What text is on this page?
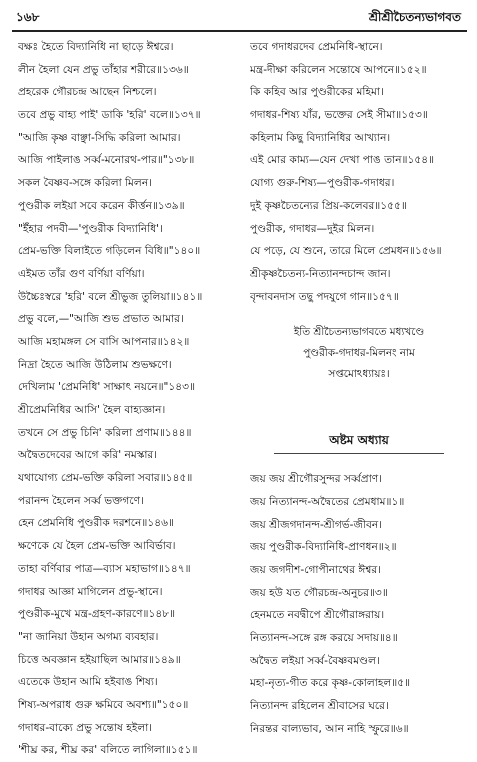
১৬৮	শ্রীশ্রীচৈতন্যভাগবত
বক্ষঃ হৈতে বিদ্যানিধি না ছাড়ে ঈশ্বরে।
লীন হৈলা যেন প্রভু তাঁহার শরীরে॥১৩৬॥
প্রহরেক গৌরচন্দ্র আছেন নিশ্চলে।
তবে প্রভু বাহ্য পাই' ডাকি 'হরি' বলে॥১৩৭॥
"আজি কৃষ্ণ বাঞ্ছা-সিদ্ধি করিলা আমার।
আজি পাইলাঙ সর্ব্ব-মনোরথ-পার॥"১৩৮॥
সকল বৈষ্ণব-সঙ্গে করিলা মিলন।
পুণ্ডরীক লইয়া সবে করেন কীর্ত্তন॥১৩৯॥
"ইঁহার পদবী—'পুণ্ডরীক বিদ্যানিধি'।
প্রেম-ভক্তি বিলাইতে গড়িলেন বিধি॥"১৪০॥
এইমত তাঁর গুণ বর্ণিয়া বর্ণিয়া।
উচ্চৈঃস্বরে 'হরি' বলে শ্রীভুজ তুলিয়া॥১৪১॥
প্রভু বলে,—"আজি শুভ প্রভাত আমার।
আজি মহামঙ্গল সে বাসি আপনার॥১৪২॥
নিদ্রা হৈতে আজি উঠিলাম শুভক্ষণে।
দেখিলাম 'প্রেমনিধি' সাক্ষাৎ নয়নে॥"১৪৩॥
শ্রীপ্রেমনিধির আসি' হৈল বাহ্যজ্ঞান।
তখনে সে প্রভু চিনি' করিলা প্রণাম॥১৪৪॥
অদ্বৈতদেবের আগে করি' নমস্কার।
যথাযোগ্য প্রেম-ভক্তি করিলা সবার॥১৪৫॥
পরানন্দ হৈলেন সর্ব্ব ভক্তগণে।
হেন প্রেমনিধি পুণ্ডরীক দরশনে॥১৪৬॥
ক্ষণেকে যে হৈল প্রেম-ভক্তি আবির্ভাব।
তাহা বর্ণিবার পাত্র—ব্যাস মহাভাগ॥১৪৭॥
গদাধর আজ্ঞা মাগিলেন প্রভু-স্থানে।
পুণ্ডরীক-মুখে মন্ত্র-গ্রহণ-কারণে॥১৪৮॥
"না জানিয়া উহান অগম্য ব্যবহার।
চিত্তে অবজ্ঞান হইয়াছিল আমার॥১৪৯॥
এতেকে উহান আমি হইবাঙ শিষ্য।
শিষ্য-অপরাধ গুরু ক্ষমিবে অবশ্য॥"১৫০॥
গদাধর-বাক্যে প্রভু সন্তোষ হইলা।
'শীঘ্র কর, শীঘ্র কর' বলিতে লাগিলা॥১৫১॥
তবে গদাধরদেব প্রেমনিধি-স্থানে।
মন্ত্র-দীক্ষা করিলেন সন্তোষে আপনে॥১৫২॥
কি কহিব আর পুণ্ডরীকের মহিমা।
গদাধর-শিষ্য যাঁর, ভক্তের সেই সীমা॥১৫৩॥
কহিলাম কিছু বিদ্যানিধির আখ্যান।
এই মোর কাম্য—যেন দেখা পাঙ তান॥১৫৪॥
যোগ্য গুরু-শিষ্য—পুণ্ডরীক-গদাধর।
দুই কৃষ্ণচৈতন্যের প্রিয়-কলেবর॥১৫৫॥
পুণ্ডরীক, গদাধর—দুইর মিলন।
যে পড়ে, যে শুনে, তারে মিলে প্রেমধন॥১৫৬॥
শ্রীকৃষ্ণচৈতন্য-নিত্যানন্দচান্দ জান।
বৃন্দাবনদাস তছু পদযুগে গান॥১৫৭॥
ইতি শ্রীচৈতন্যভাগবতে মধ্যখণ্ডে
পুণ্ডরীক-গদাধর-মিলনং নাম
সপ্তমোঽধ্যায়ঃ।
অষ্টম অধ্যায়
জয় জয় শ্রীগৌরসুন্দর সর্ব্বপ্রাণ।
জয় নিত্যানন্দ-অদ্বৈতের প্রেমধাম॥১॥
জয় শ্রীজগদানন্দ-শ্রীগর্ভ-জীবন।
জয় পুণ্ডরীক-বিদ্যানিধি-প্রাণধন॥২॥
জয় জগদীশ-গোপীনাথের ঈশ্বর।
জয় হউ যত গৌরচন্দ্র-অনুচর॥৩॥
হেনমতে নবদ্বীপে শ্রীগৌরাঙ্গরায়।
নিত্যানন্দ-সঙ্গে রঙ্গ করয়ে সদায়॥৪॥
অদ্বৈত লইয়া সর্ব্ব-বৈষ্ণবমণ্ডল।
মহা-নৃত্য-গীত করে কৃষ্ণ-কোলাহল॥৫॥
নিত্যানন্দ রহিলেন শ্রীবাসের ঘরে।
নিরন্তর বাল্যভাব, আন নাহি স্ফুরে॥৬॥
